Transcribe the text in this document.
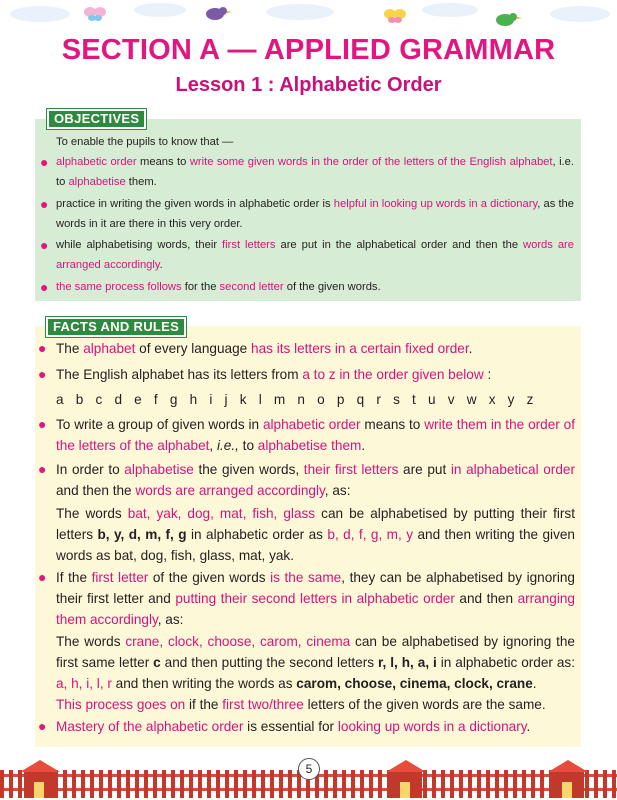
SECTION A — APPLIED GRAMMAR
Lesson 1 : Alphabetic Order
OBJECTIVES
To enable the pupils to know that —
● alphabetic order means to write some given words in the order of the letters of the English alphabet, i.e. to alphabetise them.
● practice in writing the given words in alphabetic order is helpful in looking up words in a dictionary, as the words in it are there in this very order.
● while alphabetising words, their first letters are put in the alphabetical order and then the words are arranged accordingly.
● the same process follows for the second letter of the given words.
FACTS AND RULES
● The alphabet of every language has its letters in a certain fixed order.
● The English alphabet has its letters from a to z in the order given below :
a b c d e f g h i j k l m n o p q r s t u v w x y z
● To write a group of given words in alphabetic order means to write them in the order of the letters of the alphabet, i.e., to alphabetise them.
● In order to alphabetise the given words, their first letters are put in alphabetical order and then the words are arranged accordingly, as:
The words bat, yak, dog, mat, fish, glass can be alphabetised by putting their first letters b, y, d, m, f, g in alphabetic order as b, d, f, g, m, y and then writing the given words as bat, dog, fish, glass, mat, yak.
● If the first letter of the given words is the same, they can be alphabetised by ignoring their first letter and putting their second letters in alphabetic order and then arranging them accordingly, as:
The words crane, clock, choose, carom, cinema can be alphabetised by ignoring the first same letter c and then putting the second letters r, l, h, a, i in alphabetic order as: a, h, i, l, r and then writing the words as carom, choose, cinema, clock, crane.
This process goes on if the first two/three letters of the given words are the same.
● Mastery of the alphabetic order is essential for looking up words in a dictionary.
5
